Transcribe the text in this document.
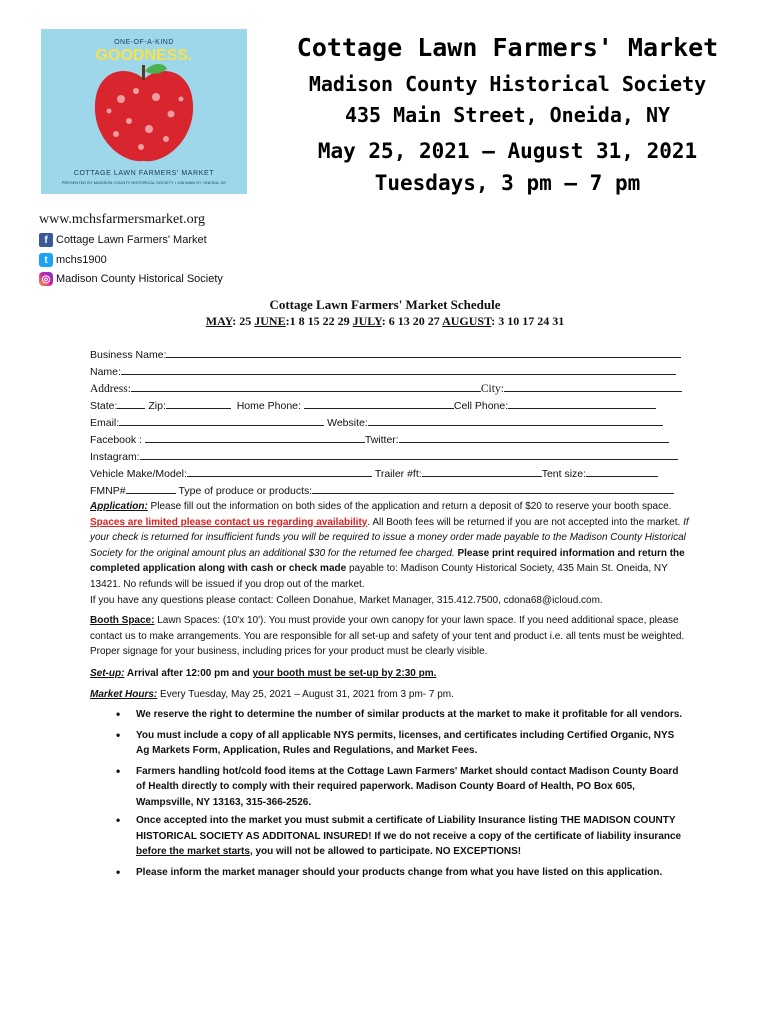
ONE-OF-A-KIND
GOODNESS.
COTTAGE LAWN FARMERS' MARKET
PRESENTED BY MADISON COUNTY HISTORICAL SOCIETY • 435 MAIN ST, ONEIDA, NY
Cottage Lawn Farmers' Market
Madison County Historical Society
435 Main Street, Oneida, NY
May 25, 2021 – August 31, 2021
Tuesdays, 3 pm – 7 pm
www.mchsfarmersmarket.org
f Cottage Lawn Farmers' Market
t mchs1900
◎ Madison County Historical Society
Cottage Lawn Farmers' Market Schedule
MAY: 25 JUNE:1 8 15 22 29 JULY: 6 13 20 27 AUGUST: 3 10 17 24 31
Business Name:
Name:
Address:	City:
State:	Zip:	Home Phone:	Cell Phone:
Email:	Website:
Facebook :	Twitter:
Instagram:
Vehicle Make/Model:	Trailer #ft:	Tent size:
FMNP#	Type of produce or products:
Application: Please fill out the information on both sides of the application and return a deposit of $20 to reserve your booth space. Spaces are limited please contact us regarding availability. All Booth fees will be returned if you are not accepted into the market. If your check is returned for insufficient funds you will be required to issue a money order made payable to the Madison County Historical Society for the original amount plus an additional $30 for the returned fee charged. Please print required information and return the completed application along with cash or check made payable to: Madison County Historical Society, 435 Main St. Oneida, NY 13421. No refunds will be issued if you drop out of the market.
If you have any questions please contact: Colleen Donahue, Market Manager, 315.412.7500, cdona68@icloud.com.
Booth Space: Lawn Spaces: (10'x 10'). You must provide your own canopy for your lawn space. If you need additional space, please contact us to make arrangements. You are responsible for all set-up and safety of your tent and product i.e. all tents must be weighted. Proper signage for your business, including prices for your product must be clearly visible.
Set-up: Arrival after 12:00 pm and your booth must be set-up by 2:30 pm.
Market Hours: Every Tuesday, May 25, 2021 – August 31, 2021 from 3 pm- 7 pm.
• We reserve the right to determine the number of similar products at the market to make it profitable for all vendors.
• You must include a copy of all applicable NYS permits, licenses, and certificates including Certified Organic, NYS Ag Markets Form, Application, Rules and Regulations, and Market Fees.
• Farmers handling hot/cold food items at the Cottage Lawn Farmers' Market should contact Madison County Board of Health directly to comply with their required paperwork. Madison County Board of Health, PO Box 605, Wampsville, NY 13163, 315-366-2526.
• Once accepted into the market you must submit a certificate of Liability Insurance listing THE MADISON COUNTY HISTORICAL SOCIETY AS ADDITONAL INSURED! If we do not receive a copy of the certificate of liability insurance before the market starts, you will not be allowed to participate. NO EXCEPTIONS!
• Please inform the market manager should your products change from what you have listed on this application.
